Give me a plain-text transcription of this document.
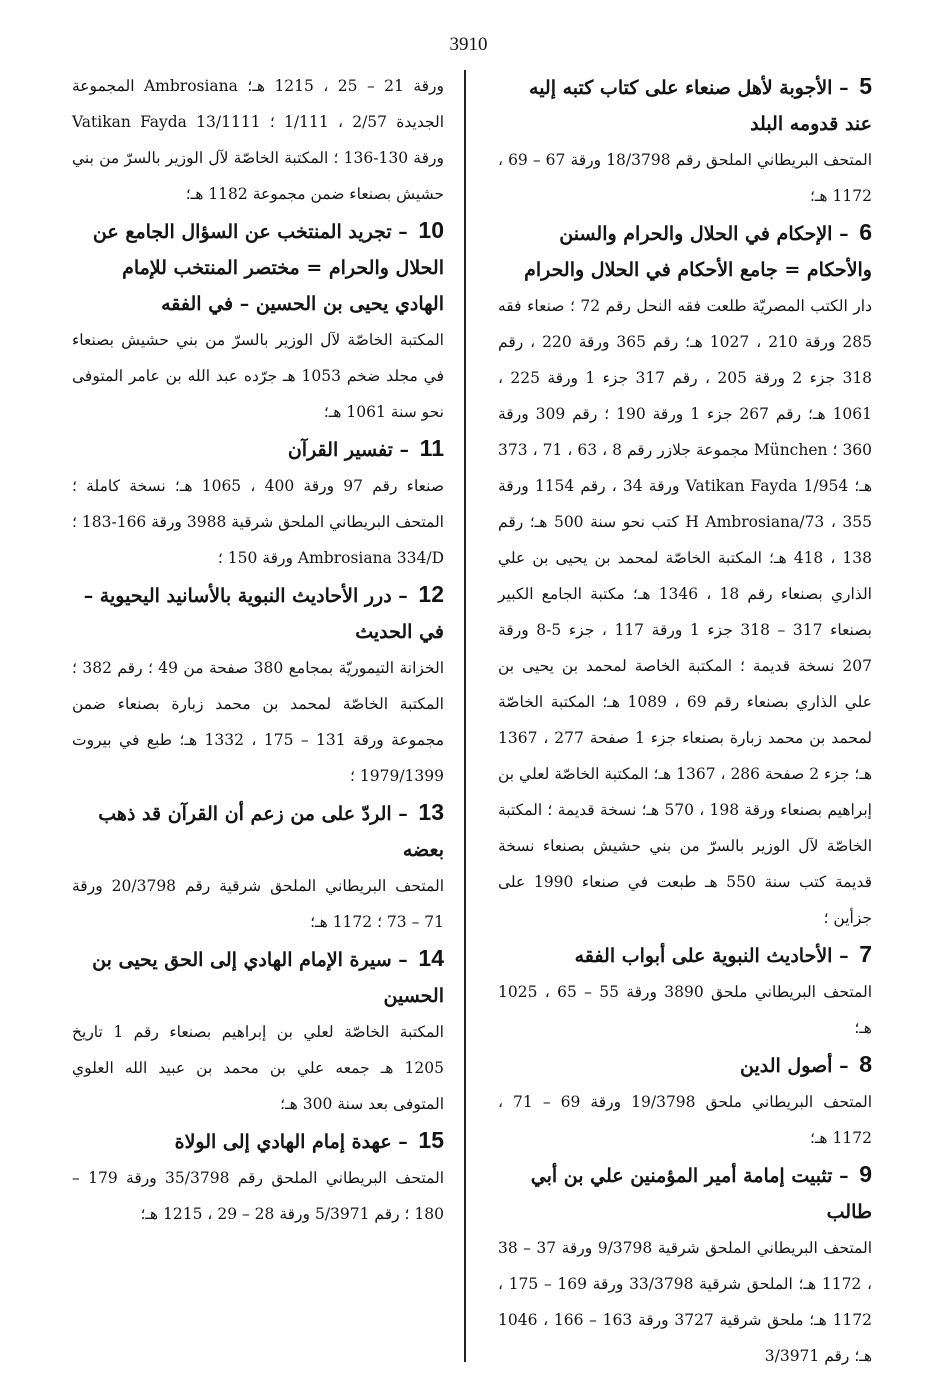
3910

5 – الأجوبة لأهل صنعاء على كتاب كتبه إليه عند قدومه البلد

المتحف البريطاني الملحق رقم 18/3798 ورقة 67 – 69 ، 1172 هـ؛

6 – الإحكام في الحلال والحرام والسنن والأحكام = جامع الأحكام في الحلال والحرام

دار الكتب المصريّة طلعت فقه النحل رقم 72 ؛ صنعاء فقه 285 ورقة 210 ، 1027 هـ؛ رقم 365 ورقة 220 ، رقم 318 جزء 2 ورقة 205 ، رقم 317 جزء 1 ورقة 225 ، 1061 هـ؛ رقم 267 جزء 1 ورقة 190 ؛ رقم 309 ورقة 360 ؛ München مجموعة جلازر رقم 8 ، 63 ، 71 ، 373 هـ؛ Vatikan Fayda 1/954 ورقة 34 ، رقم 1154 ورقة 355 ، 73/H Ambrosiana كتب نحو سنة 500 هـ؛ رقم 138 ، 418 هـ؛ المكتبة الخاصّة لمحمد بن يحيى بن علي الذاري بصنعاء رقم 18 ، 1346 هـ؛ مكتبة الجامع الكبير بصنعاء 317 – 318 جزء 1 ورقة 117 ، جزء 5-8 ورقة 207 نسخة قديمة ؛ المكتبة الخاصة لمحمد بن يحيى بن علي الذاري بصنعاء رقم 69 ، 1089 هـ؛ المكتبة الخاصّة لمحمد بن محمد زبارة بصنعاء جزء 1 صفحة 277 ، 1367 هـ؛ جزء 2 صفحة 286 ، 1367 هـ؛ المكتبة الخاصّة لعلي بن إبراهيم بصنعاء ورقة 198 ، 570 هـ؛ نسخة قديمة ؛ المكتبة الخاصّة لآل الوزير بالسرّ من بني حشيش بصنعاء نسخة قديمة كتب سنة 550 هـ طبعت في صنعاء 1990 على جزأين ؛

7 – الأحاديث النبوية على أبواب الفقه

المتحف البريطاني ملحق 3890 ورقة 55 – 65 ، 1025 هـ؛

8 – أصول الدين

المتحف البريطاني ملحق 19/3798 ورقة 69 – 71 ، 1172 هـ؛

9 – تثبيت إمامة أمير المؤمنين علي بن أبي طالب

المتحف البريطاني الملحق شرقية 9/3798 ورقة 37 – 38 ، 1172 هـ؛ الملحق شرقية 33/3798 ورقة 169 – 175 ، 1172 هـ؛ ملحق شرقية 3727 ورقة 163 – 166 ، 1046 هـ؛ رقم 3/3971

ورقة 21 – 25 ، 1215 هـ؛ Ambrosiana المجموعة الجديدة 2/57 ، 1/111 ؛ Vatikan Fayda 13/1111 ورقة 130-136 ؛ المكتبة الخاصّة لآل الوزير بالسرّ من بني حشيش بصنعاء ضمن مجموعة 1182 هـ؛

10 – تجريد المنتخب عن السؤال الجامع عن الحلال والحرام = مختصر المنتخب للإمام الهادي يحيى بن الحسين – في الفقه

المكتبة الخاصّة لآل الوزير بالسرّ من بني حشيش بصنعاء في مجلد ضخم 1053 هـ جرّده عبد الله بن عامر المتوفى نحو سنة 1061 هـ؛

11 – تفسير القرآن

صنعاء رقم 97 ورقة 400 ، 1065 هـ؛ نسخة كاملة ؛ المتحف البريطاني الملحق شرقية 3988 ورقة 166-183 ؛ Ambrosiana 334/D ورقة 150 ؛

12 – درر الأحاديث النبوية بالأسانيد اليحيوية – في الحديث

الخزانة التيموريّة بمجامع 380 صفحة من 49 ؛ رقم 382 ؛ المكتبة الخاصّة لمحمد بن محمد زبارة بصنعاء ضمن مجموعة ورقة 131 – 175 ، 1332 هـ؛ طبع في بيروت 1979/1399 ؛

13 – الردّ على من زعم أن القرآن قد ذهب بعضه

المتحف البريطاني الملحق شرقية رقم 20/3798 ورقة 71 – 73 ؛ 1172 هـ؛

14 – سيرة الإمام الهادي إلى الحق يحيى بن الحسين

المكتبة الخاصّة لعلي بن إبراهيم بصنعاء رقم 1 تاريخ 1205 هـ جمعه علي بن محمد بن عبيد الله العلوي المتوفى بعد سنة 300 هـ؛

15 – عهدة إمام الهادي إلى الولاة

المتحف البريطاني الملحق رقم 35/3798 ورقة 179 – 180 ؛ رقم 5/3971 ورقة 28 – 29 ، 1215 هـ؛
